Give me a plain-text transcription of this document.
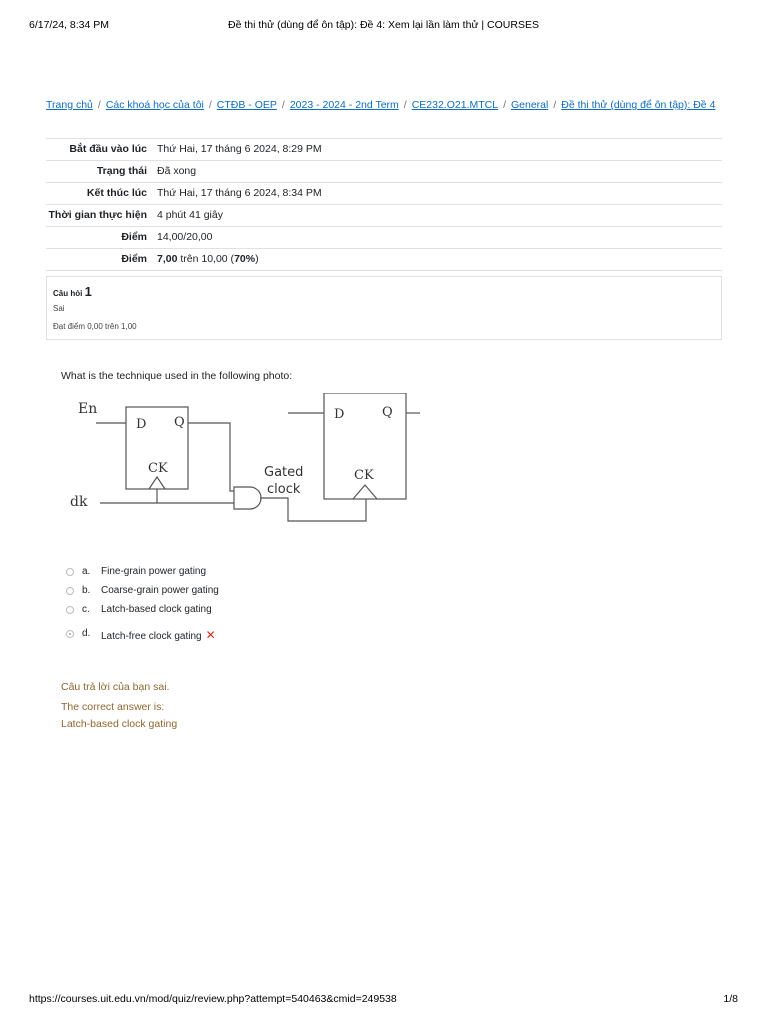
6/17/24, 8:34 PM	Đề thi thử (dùng để ôn tập): Đề 4: Xem lại lần làm thử | COURSES
Trang chủ / Các khoá học của tôi / CTĐB - OEP / 2023 - 2024 - 2nd Term / CE232.O21.MTCL / General / Đề thi thử (dùng để ôn tập): Đề 4
Bắt đầu vào lúc	Thứ Hai, 17 tháng 6 2024, 8:29 PM
Trạng thái	Đã xong
Kết thúc lúc	Thứ Hai, 17 tháng 6 2024, 8:34 PM
Thời gian thực hiện	4 phút 41 giây
Điểm	14,00/20,00
Điểm	7,00 trên 10,00 (70%)
Câu hỏi 1
Sai
Đạt điểm 0,00 trên 1,00
What is the technique used in the following photo:
En
dk
D Q
CK
D	Q
CK
Gated
clock
a. Fine-grain power gating
b. Coarse-grain power gating
c. Latch-based clock gating
d. Latch-free clock gating ✕
Câu trả lời của bạn sai.
The correct answer is:
Latch-based clock gating
https://courses.uit.edu.vn/mod/quiz/review.php?attempt=540463&cmid=249538	1/8
